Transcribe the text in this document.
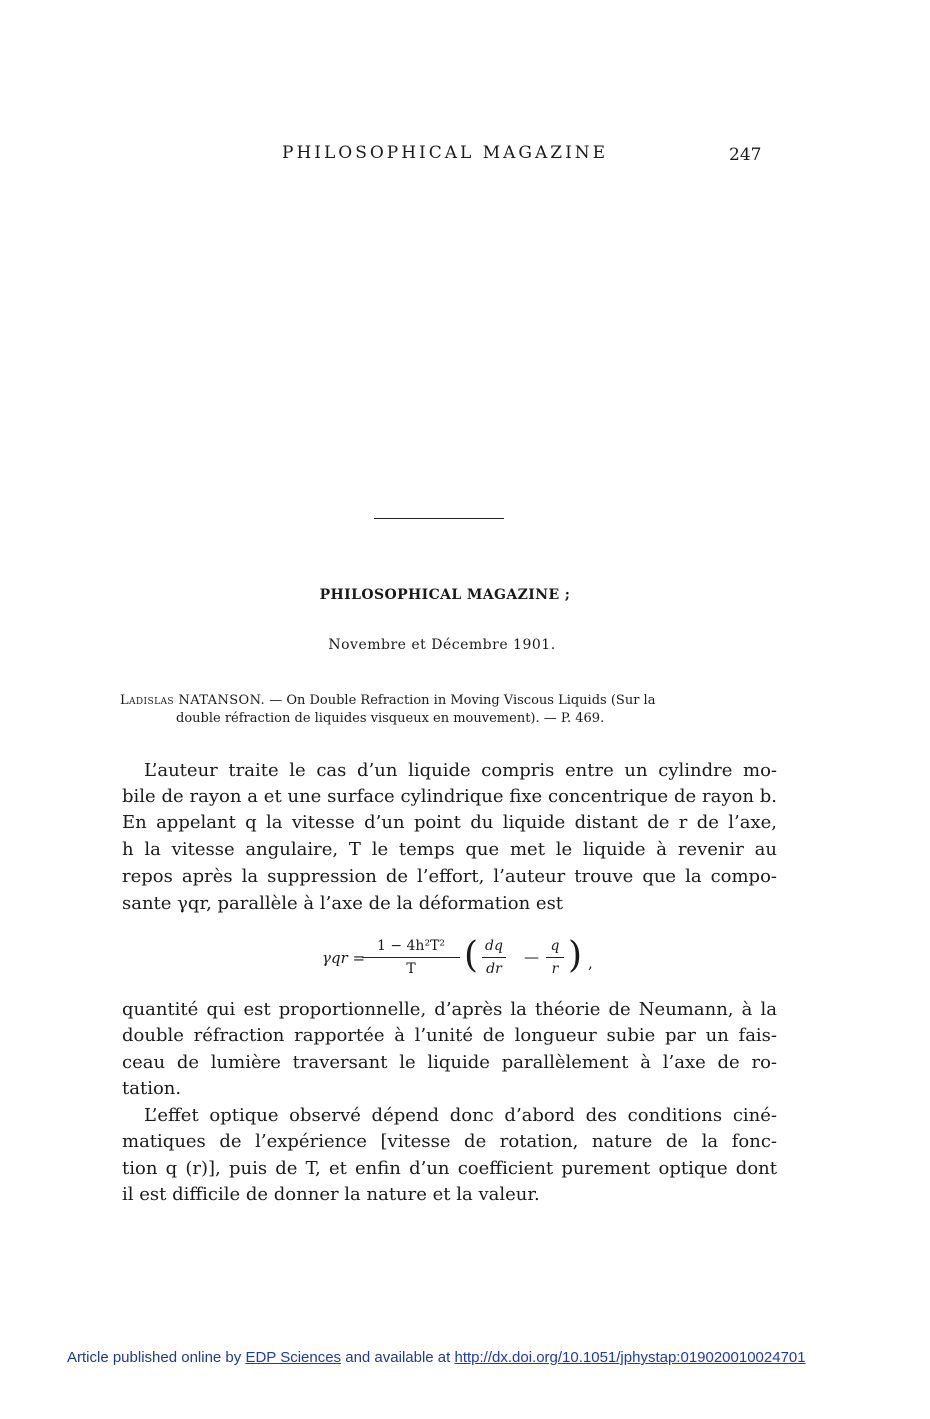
PHILOSOPHICAL MAGAZINE	247
PHILOSOPHICAL MAGAZINE ;
Novembre et Décembre 1901.
Ladislas NATANSON. — On Double Refraction in Moving Viscous Liquids (Sur la
double réfraction de liquides visqueux en mouvement). — P. 469.
L’auteur traite le cas d’un liquide compris entre un cylindre mo-
bile de rayon a et une surface cylindrique fixe concentrique de rayon b.
En appelant q la vitesse d’un point du liquide distant de r de l’axe,
h la vitesse angulaire, T le temps que met le liquide à revenir au
repos après la suppression de l’effort, l’auteur trouve que la compo-
sante γqr, parallèle à l’axe de la déformation est
γqr =
1 − 4h²T²
T	( dq
dr
—
q
r ) ,
quantité qui est proportionnelle, d’après la théorie de Neumann, à la
double réfraction rapportée à l’unité de longueur subie par un fais-
ceau de lumière traversant le liquide parallèlement à l’axe de ro-
tation.
L’effet optique observé dépend donc d’abord des conditions ciné-
matiques de l’expérience [vitesse de rotation, nature de la fonc-
tion q (r)], puis de T, et enfin d’un coefficient purement optique dont
il est difficile de donner la nature et la valeur.
Article published online by EDP Sciences and available at http://dx.doi.org/10.1051/jphystap:019020010024701
